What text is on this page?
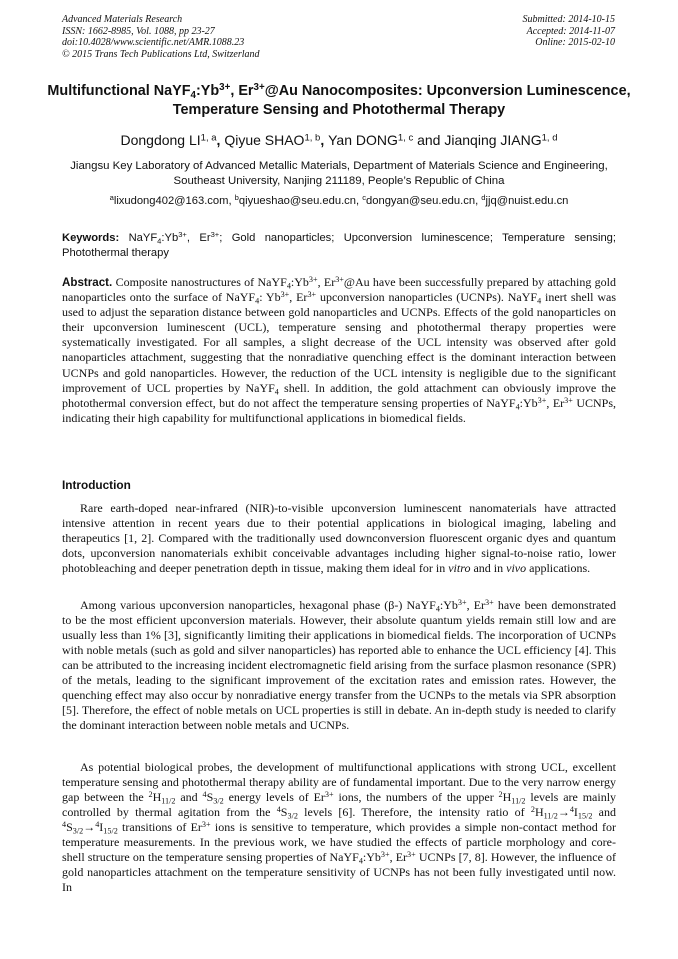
Advanced Materials Research
ISSN: 1662-8985, Vol. 1088, pp 23-27
doi:10.4028/www.scientific.net/AMR.1088.23
© 2015 Trans Tech Publications Ltd, Switzerland
Submitted: 2014-10-15
Accepted: 2014-11-07
Online: 2015-02-10
Multifunctional $NaYF_4:Yb^{3+}$, $Er^{3+}@Au$ Nanocomposites: Upconversion Luminescence, Temperature Sensing and Photothermal Therapy
Dongdong LI$^{1, a}$, Qiyue SHAO$^{1, b}$, Yan DONG$^{1, c}$ and Jianqing JIANG$^{1, d}$
Jiangsu Key Laboratory of Advanced Metallic Materials, Department of Materials Science and Engineering, Southeast University, Nanjing 211189, People’s Republic of China
$^a$lixudong402@163.com, $^b$qiyueshao@seu.edu.cn, $^c$dongyan@seu.edu.cn, $^d$jjq@nuist.edu.cn
Keywords: $NaYF_4:Yb^{3+}$, $Er^{3+}$; Gold nanoparticles; Upconversion luminescence; Temperature sensing; Photothermal therapy
Abstract. Composite nanostructures of $NaYF_4:Yb^{3+}$, $Er^{3+}@Au$ have been successfully prepared by attaching gold nanoparticles onto the surface of NaYF$_4$: $Yb^{3+}$, $Er^{3+}$ upconversion nanoparticles (UCNPs). NaYF$_4$ inert shell was used to adjust the separation distance between gold nanoparticles and UCNPs. Effects of the gold nanoparticles on their upconversion luminescent (UCL), temperature sensing and photothermal therapy properties were systematically investigated. For all samples, a slight decrease of the UCL intensity was observed after gold nanoparticles attachment, suggesting that the nonradiative quenching effect is the dominant interaction between UCNPs and gold nanoparticles. However, the reduction of the UCL intensity is negligible due to the significant improvement of UCL properties by NaYF$_4$ shell. In addition, the gold attachment can obviously improve the photothermal conversion effect, but do not affect the temperature sensing properties of $NaYF_4:Yb^{3+}$, $Er^{3+}$ UCNPs, indicating their high capability for multifunctional applications in biomedical fields.
Introduction
Rare earth-doped near-infrared (NIR)-to-visible upconversion luminescent nanomaterials have attracted intensive attention in recent years due to their potential applications in biological imaging, labeling and therapeutics [1, 2]. Compared with the traditionally used downconversion fluorescent organic dyes and quantum dots, upconversion nanomaterials exhibit conceivable advantages including higher signal-to-noise ratio, lower photobleaching and deeper penetration depth in tissue, making them ideal for in vitro and in vivo applications.
Among various upconversion nanoparticles, hexagonal phase (β-) $NaYF_4:Yb^{3+}$, $Er^{3+}$ have been demonstrated to be the most efficient upconversion materials. However, their absolute quantum yields remain still low and are usually less than 1% [3], significantly limiting their applications in biomedical fields. The incorporation of UCNPs with noble metals (such as gold and silver nanoparticles) has reported able to enhance the UCL efficiency [4]. This can be attributed to the increasing incident electromagnetic field arising from the surface plasmon resonance (SPR) of the metals, leading to the significant improvement of the excitation rates and emission rates. However, the quenching effect may also occur by nonradiative energy transfer from the UCNPs to the metals via SPR absorption [5]. Therefore, the effect of noble metals on UCL properties is still in debate. An in-depth study is needed to clarify the dominant interaction between noble metals and UCNPs.
As potential biological probes, the development of multifunctional applications with strong UCL, excellent temperature sensing and photothermal therapy ability are of fundamental important. Due to the very narrow energy gap between the $^2H_{11/2}$ and $^4S_{3/2}$ energy levels of $Er^{3+}$ ions, the numbers of the upper $^2H_{11/2}$ levels are mainly controlled by thermal agitation from the $^4S_{3/2}$ levels [6]. Therefore, the intensity ratio of $^2H_{11/2}\to^4I_{15/2}$ and $^4S_{3/2}\to^4I_{15/2}$ transitions of $Er^{3+}$ ions is sensitive to temperature, which provides a simple non-contact method for temperature measurements. In the previous work, we have studied the effects of particle morphology and core-shell structure on the temperature sensing properties of $NaYF_4:Yb^{3+}$, $Er^{3+}$ UCNPs [7, 8]. However, the influence of gold nanoparticles attachment on the temperature sensitivity of UCNPs has not been fully investigated until now. In
